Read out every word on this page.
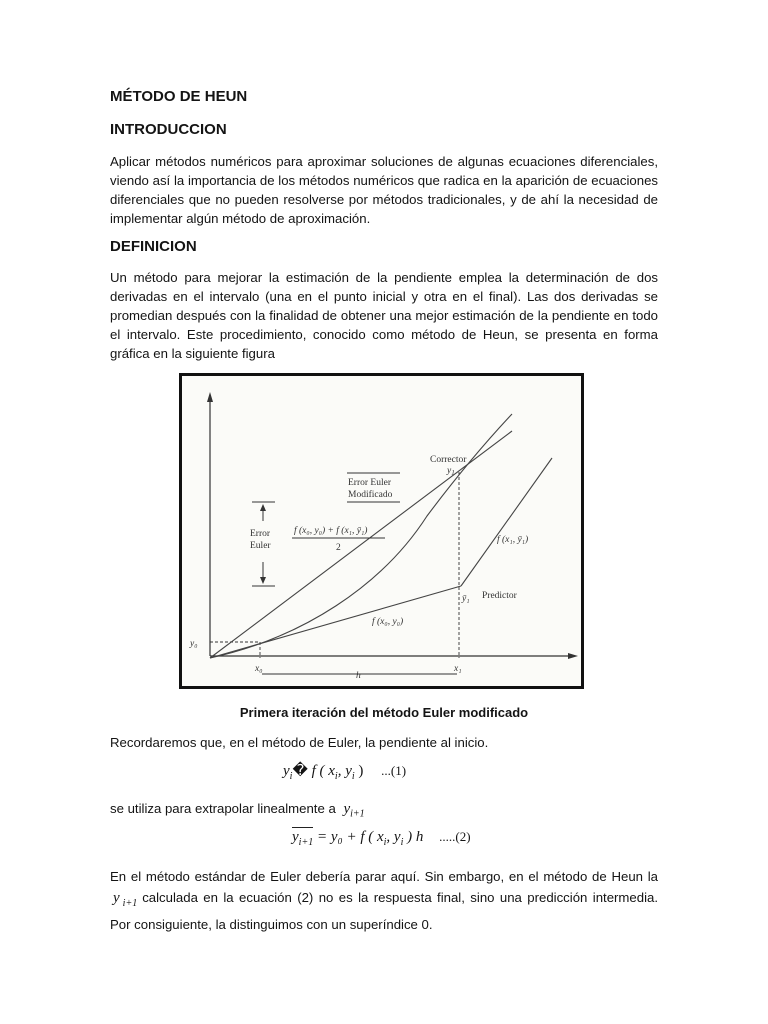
MÉTODO DE HEUN
INTRODUCCION

Aplicar métodos numéricos para aproximar soluciones de algunas ecuaciones diferenciales, viendo así la importancia de los métodos numéricos que radica en la aparición de ecuaciones diferenciales que no pueden resolverse por métodos tradicionales, y de ahí la necesidad de implementar algún método de aproximación.

DEFINICION

Un método para mejorar la estimación de la pendiente emplea la determinación de dos derivadas en el intervalo (una en el punto inicial y otra en el final). Las dos derivadas se promedian después con la finalidad de obtener una mejor estimación de la pendiente en todo el intervalo. Este procedimiento, conocido como método de Heun, se presenta en forma gráfica en la siguiente figura

Error
Euler
Error Euler
Modificado
f (x₀, y₀) + f (x₁, ȳ₁)
2
Corrector
$y_1$
f (x₁, ȳ₁)
ȳ₁ Predictor
f (x₀, y₀)
y₀
x₀	x₁
h

Primera iteración del método Euler modificado

Recordaremos que, en el método de Euler, la pendiente al inicio.

$y_i�$ f ( $x_i$, $y_i$ ) ...(1)
se utiliza para extrapolar linealmente a $y_{i+1}$
$y_{i+1} = y_0 + f$ ( $x_i$, $y_i$ ) h .....(2)

En el método estándar de Euler debería parar aquí. Sin embargo, en el método de Heun la y $_{i+1}$ calculada en la ecuación (2) no es la respuesta final, sino una predicción intermedia. Por consiguiente, la distinguimos con un superíndice 0.
